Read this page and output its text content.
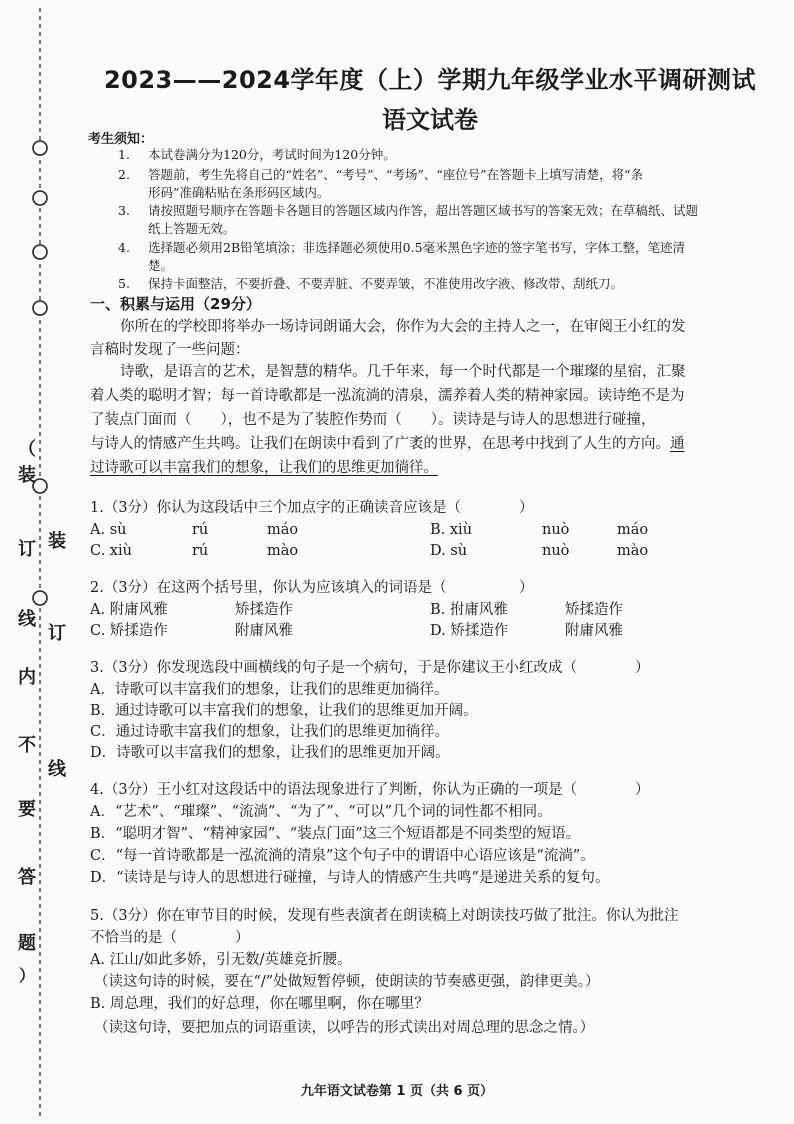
（
装
订
线
内
不
要
答
题
）
装
订
线
2023——2024学年度（上）学期九年级学业水平调研测试
语文试卷
考生须知：
1. 本试卷满分为120分，考试时间为120分钟。
2. 答题前，考生先将自己的“姓名”、“考号”、“考场”、“座位号”在答题卡上填写清楚，将“条
形码”准确粘贴在条形码区域内。
3. 请按照题号顺序在答题卡各题目的答题区域内作答，超出答题区域书写的答案无效；在草稿纸、试题
纸上答题无效。
4. 选择题必须用2B铅笔填涂；非选择题必须使用0.5毫米黑色字迹的签字笔书写，字体工整，笔迹清
楚。
5. 保持卡面整洁，不要折叠、不要弄脏、不要弄皱，不准使用改字液、修改带、刮纸刀。
一、积累与运用（29分）
你所在的学校即将举办一场诗词朗诵大会，你作为大会的主持人之一，在审阅王小红的发
言稿时发现了一些问题：
诗歌，是语言的艺术，是智慧的精华。几千年来，每一个时代都是一个璀璨的星宿，汇聚
着人类的聪明才智；每一首诗歌都是一泓流淌的清泉，濡养着人类的精神家园。读诗绝不是为
了装点门面而（　　），也不是为了装腔作势而（　　）。读诗是与诗人的思想进行碰撞，
与诗人的情感产生共鸣。让我们在朗读中看到了广袤的世界，在思考中找到了人生的方向。通
过诗歌可以丰富我们的想象，让我们的思维更加徜徉。
1.（3分）你认为这段话中三个加点字的正确读音应该是（　　　　）
A. sù	rú	máo	B. xiù	nuò	máo
C. xiù	rú	mào	D. sù	nuò	mào
2.（3分）在这两个括号里，你认为应该填入的词语是（　　　　　）
A. 附庸风雅	矫揉造作	B. 拊庸风雅	矫揉造作
C. 矫揉造作	附庸风雅	D. 矫揉造作	附庸风雅
3.（3分）你发现选段中画横线的句子是一个病句，于是你建议王小红改成（　　　　）
A．诗歌可以丰富我们的想象，让我们的思维更加徜徉。
B．通过诗歌可以丰富我们的想象，让我们的思维更加开阔。
C．通过诗歌丰富我们的想象，让我们的思维更加徜徉。
D．诗歌可以丰富我们的想象，让我们的思维更加开阔。
4.（3分）王小红对这段话中的语法现象进行了判断，你认为正确的一项是（　　　　）
A．“艺术”、“璀璨”、“流淌”、“为了”、“可以”几个词的词性都不相同。
B．“聪明才智”、“精神家园”、“装点门面”这三个短语都是不同类型的短语。
C．“每一首诗歌都是一泓流淌的清泉”这个句子中的谓语中心语应该是“流淌”。
D．“读诗是与诗人的思想进行碰撞，与诗人的情感产生共鸣”是递进关系的复句。
5.（3分）你在审节目的时候，发现有些表演者在朗读稿上对朗读技巧做了批注。你认为批注
不恰当的是（　　　　）
A. 江山/如此多娇，引无数/英雄竞折腰。
（读这句诗的时候，要在“/”处做短暂停顿，使朗读的节奏感更强，韵律更美。）
B. 周总理，我们的好总理，你在哪里啊，你在哪里？
（读这句诗，要把加点的词语重读，以呼告的形式读出对周总理的思念之情。）
九年语文试卷第 1 页（共 6 页）
